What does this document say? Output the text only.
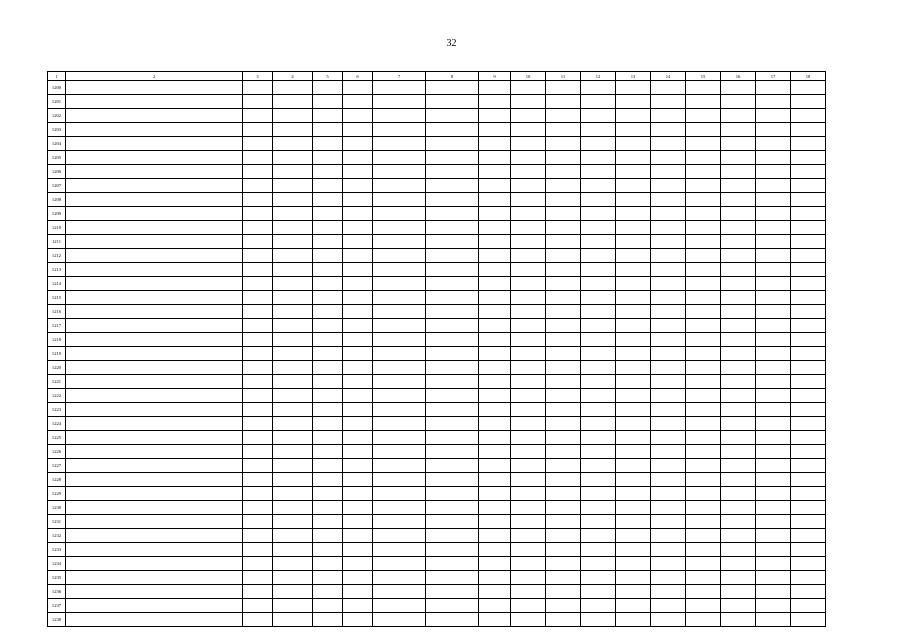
32
1	2	3	4	5	6	7	8	9	10	11	12	13	14	15	16	17	18	
1200																		
1201																		
1202																		
1203																		
1204																		
1205																		
1206																		
1207																		
1208																		
1209																		
1210																		
1211																		
1212																		
1213																		
1214																		
1215																		
1216																		
1217																		
1218																		
1219																		
1220																		
1221																		
1222																		
1223																		
1224																		
1225																		
1226																		
1227																		
1228																		
1229																		
1230																		
1231																		
1232																		
1233																		
1234																		
1235																		
1236																		
1237																		
1238																		
